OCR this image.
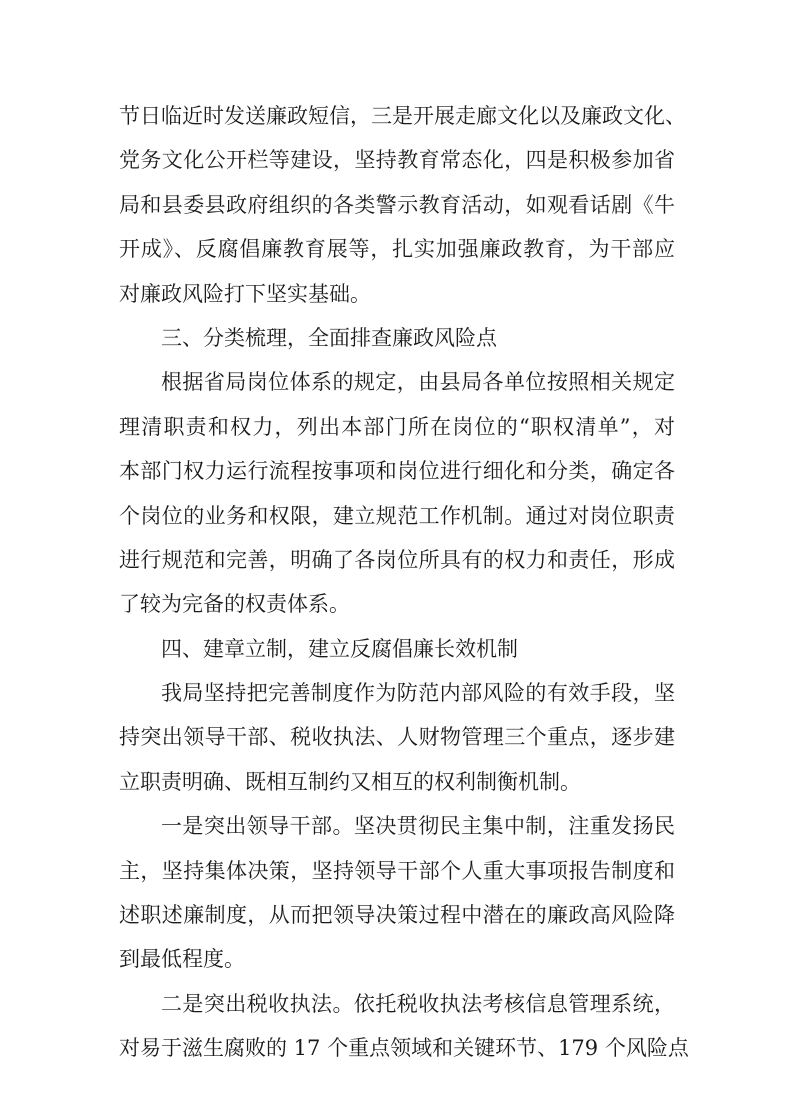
节日临近时发送廉政短信，三是开展走廊文化以及廉政文化、
党务文化公开栏等建设，坚持教育常态化，四是积极参加省
局和县委县政府组织的各类警示教育活动，如观看话剧《牛
开成》、反腐倡廉教育展等，扎实加强廉政教育，为干部应
对廉政风险打下坚实基础。
三、分类梳理，全面排查廉政风险点
根据省局岗位体系的规定，由县局各单位按照相关规定
理清职责和权力，列出本部门所在岗位的“职权清单”，对
本部门权力运行流程按事项和岗位进行细化和分类，确定各
个岗位的业务和权限，建立规范工作机制。通过对岗位职责
进行规范和完善，明确了各岗位所具有的权力和责任，形成
了较为完备的权责体系。
四、建章立制，建立反腐倡廉长效机制
我局坚持把完善制度作为防范内部风险的有效手段，坚
持突出领导干部、税收执法、人财物管理三个重点，逐步建
立职责明确、既相互制约又相互的权利制衡机制。
一是突出领导干部。坚决贯彻民主集中制，注重发扬民
主，坚持集体决策，坚持领导干部个人重大事项报告制度和
述职述廉制度，从而把领导决策过程中潜在的廉政高风险降
到最低程度。
二是突出税收执法。依托税收执法考核信息管理系统，
对易于滋生腐败的 17 个重点领域和关键环节、179 个风险点
